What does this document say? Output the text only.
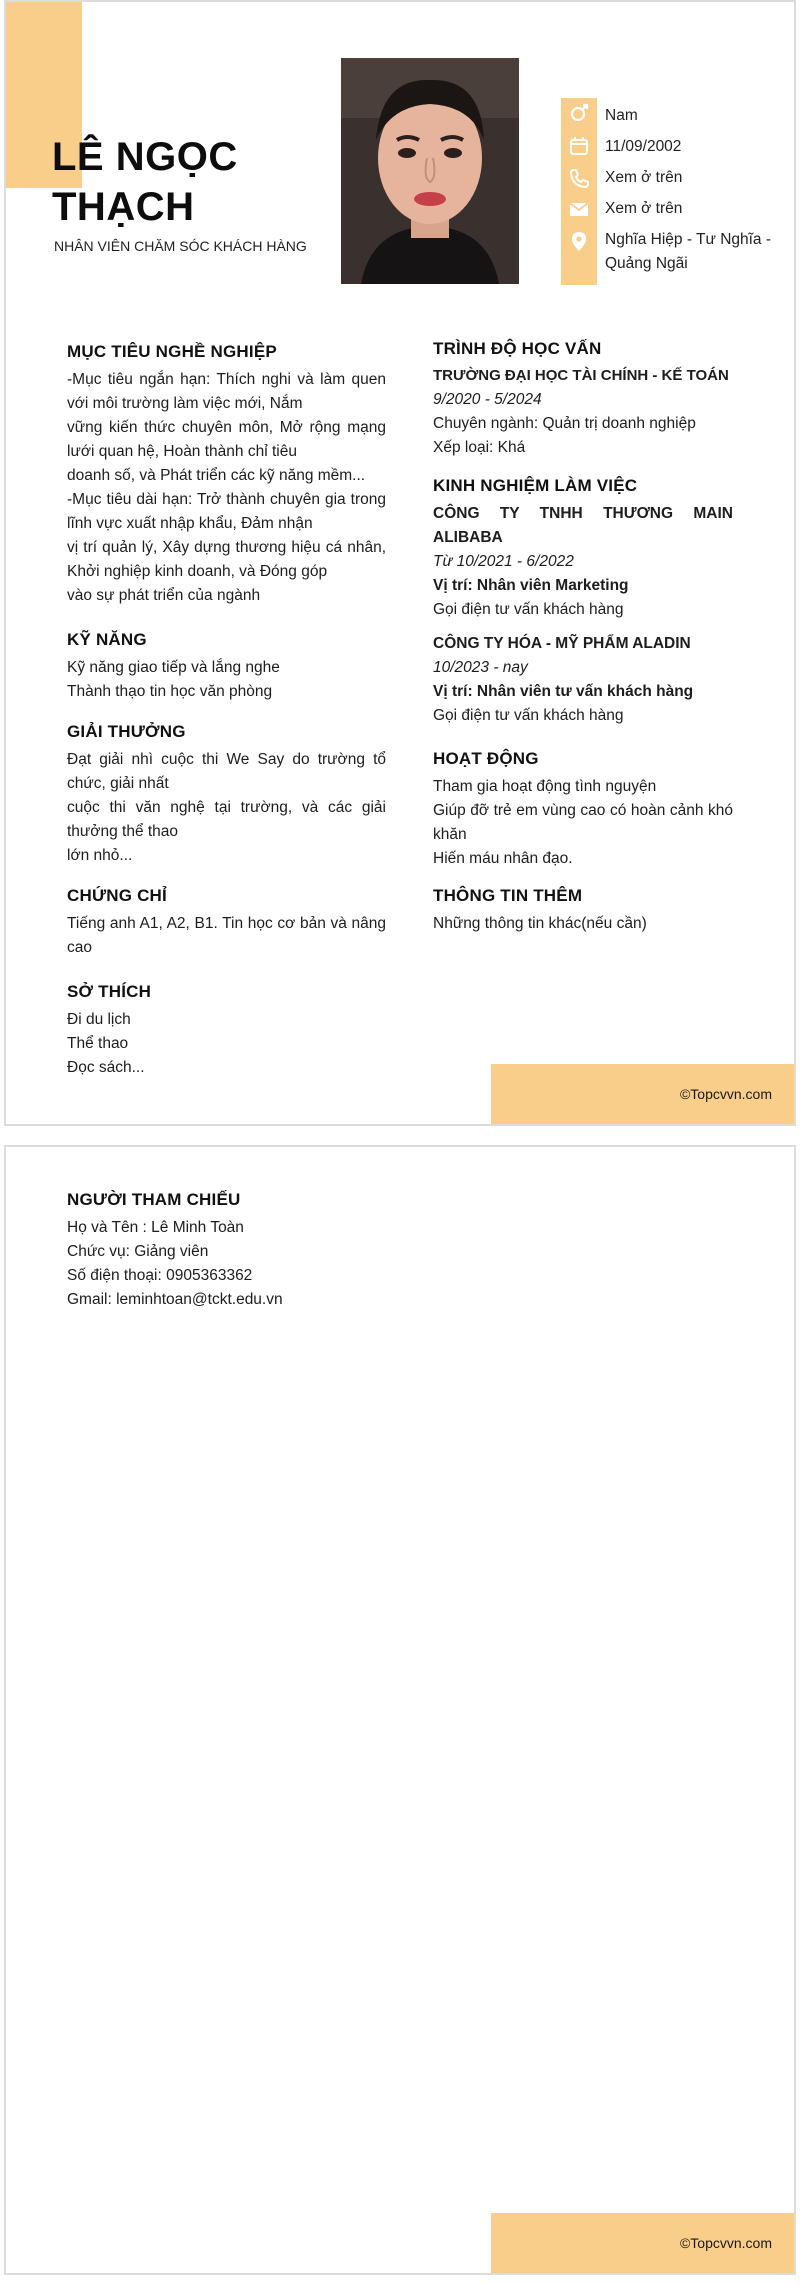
LÊ NGỌC
THẠCH
NHÂN VIÊN CHĂM SÓC KHÁCH HÀNG
Nam
11/09/2002
Xem ở trên
Xem ở trên
Nghĩa Hiệp - Tư Nghĩa -
Quảng Ngãi
MỤC TIÊU NGHỀ NGHIỆP

-Mục tiêu ngắn hạn: Thích nghi và làm quen với môi trường làm việc mới, Nắm

vững kiến thức chuyên môn, Mở rộng mạng lưới quan hệ, Hoàn thành chỉ tiêu

doanh số, và Phát triển các kỹ năng mềm...

-Mục tiêu dài hạn: Trở thành chuyên gia trong lĩnh vực xuất nhập khẩu, Đảm nhận

vị trí quản lý, Xây dựng thương hiệu cá nhân, Khởi nghiệp kinh doanh, và Đóng góp

vào sự phát triển của ngành

KỸ NĂNG

Kỹ năng giao tiếp và lắng nghe

Thành thạo tin học văn phòng

GIẢI THƯỞNG

Đạt giải nhì cuộc thi We Say do trường tổ chức, giải nhất

cuộc thi văn nghệ tại trường, và các giải thưởng thể thao

lớn nhỏ...

CHỨNG CHỈ
Tiếng anh A1, A2, B1. Tin học cơ bản và nâng cao
SỞ THÍCH

Đi du lịch

Thể thao

Đọc sách...

TRÌNH ĐỘ HỌC VẤN

TRƯỜNG ĐẠI HỌC TÀI CHÍNH - KẾ TOÁN

9/2020 - 5/2024

Chuyên ngành: Quản trị doanh nghiệp

Xếp loại: Khá

KINH NGHIỆM LÀM VIỆC

CÔNG TY TNHH THƯƠNG MAIN ALIBABA

Từ 10/2021 - 6/2022

Vị trí: Nhân viên Marketing

Gọi điện tư vấn khách hàng

CÔNG TY HÓA - MỸ PHẨM ALADIN

10/2023 - nay

Vị trí: Nhân viên tư vấn khách hàng

Gọi điện tư vấn khách hàng

HOẠT ĐỘNG

Tham gia hoạt động tình nguyện

Giúp đỡ trẻ em vùng cao có hoàn cảnh khó khăn

Hiến máu nhân đạo.

THÔNG TIN THÊM
Những thông tin khác(nếu cần)
©Topcvvn.com
NGƯỜI THAM CHIẾU

Họ và Tên : Lê Minh Toàn

Chức vụ: Giảng viên

Số điện thoại: 0905363362

Gmail: leminhtoan@tckt.edu.vn

©Topcvvn.com
